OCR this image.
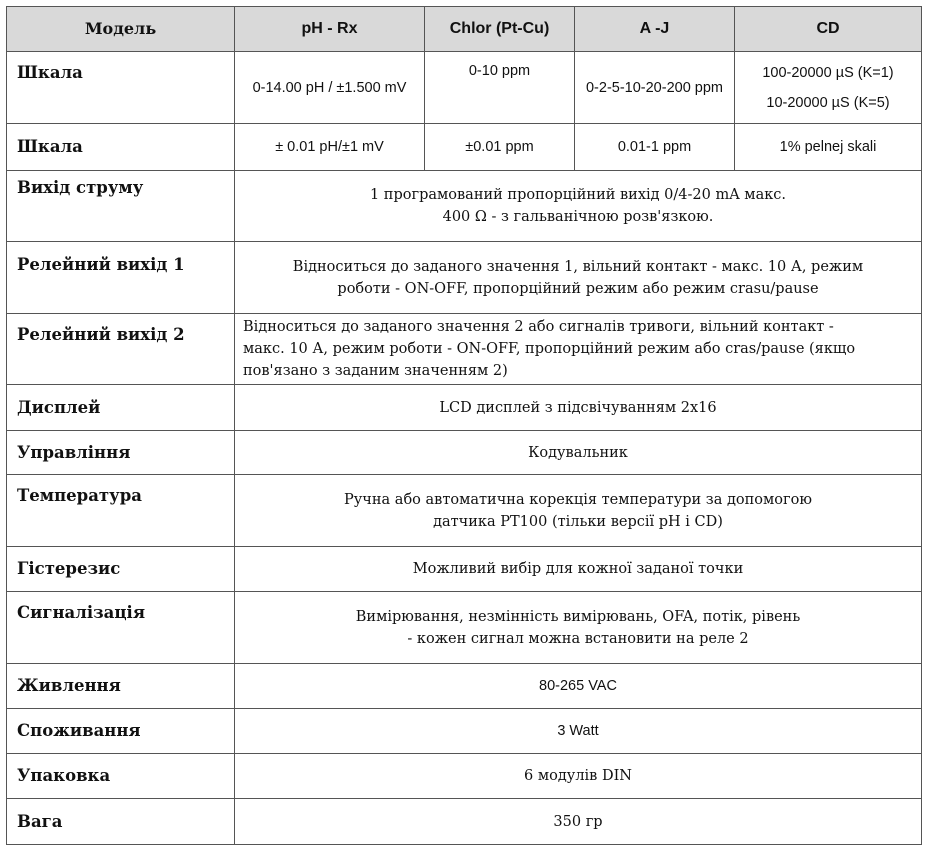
Модель	pH - Rx	Chlor (Pt-Cu)	A -J	CD
Шкала	0-14.00 pH / ±1.500 mV	0-10 ppm	0-2-5-10-20-200 ppm	100-20000 µS (K=1)
10-20000 µS (K=5)

Шкала	± 0.01 pH/±1 mV	±0.01 ppm	0.01-1 ppm	1% pelnej skali
Вихід струму	1 програмований пропорційний вихід 0/4-20 mA макс.
400 Ω - з гальванічною розв'язкою.			

Релейний вихід 1	Відноситься до заданого значення 1, вільний контакт - макс. 10 А, режим
роботи - ON-OFF, пропорційний режим або режим crasu/pause			

Релейний вихід 2	Відноситься до заданого значення 2 або сигналів тривоги, вільний контакт -
макс. 10 А, режим роботи - ON-OFF, пропорційний режим або cras/pause (якщо
пов'язано з заданим значенням 2)			

Дисплей	LCD дисплей з підсвічуванням 2x16			
Управління	Кодувальник			
Температура	Ручна або автоматична корекція температури за допомогою
датчика PT100 (тільки версії pH і CD)			

Гістерезис	Можливий вибір для кожної заданої точки			
Сигналізація	Вимірювання, незмінність вимірювань, OFA, потік, рівень
- кожен сигнал можна встановити на реле 2			

Живлення	80-265 VAC			
Споживання	3 Watt			
Упаковка	6 модулів DIN			
Вага	350 гр			
